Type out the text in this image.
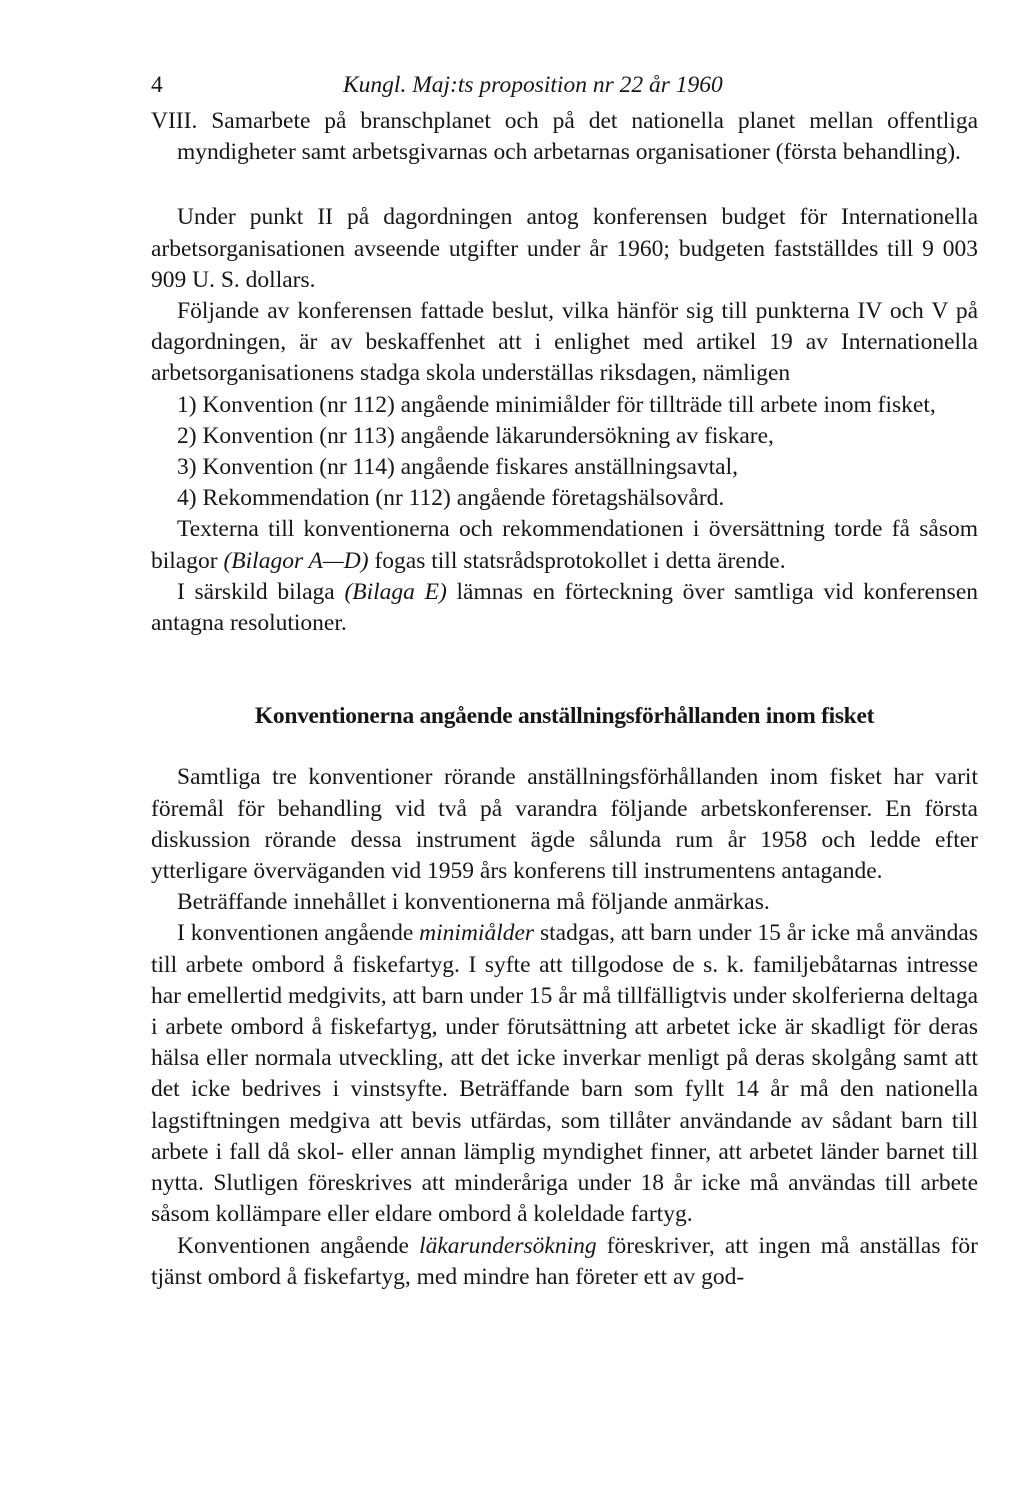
4	Kungl. Maj:ts proposition nr 22 år 1960
VIII. Samarbete på branschplanet och på det nationella planet mellan offentliga myndigheter samt arbetsgivarnas och arbetarnas organisationer (första behandling).

Under punkt II på dagordningen antog konferensen budget för Internationella arbetsorganisationen avseende utgifter under år 1960; budgeten fastställdes till 9 003 909 U. S. dollars.

Följande av konferensen fattade beslut, vilka hänför sig till punkterna IV och V på dagordningen, är av beskaffenhet att i enlighet med artikel 19 av Internationella arbetsorganisationens stadga skola underställas riksdagen, nämligen

1) Konvention (nr 112) angående minimiålder för tillträde till arbete inom fisket,

2) Konvention (nr 113) angående läkarundersökning av fiskare,

3) Konvention (nr 114) angående fiskares anställningsavtal,

4) Rekommendation (nr 112) angående företagshälsovård.

Texterna till konventionerna och rekommendationen i översättning torde få såsom bilagor (Bilagor A—D) fogas till statsrådsprotokollet i detta ärende.

I särskild bilaga (Bilaga E) lämnas en förteckning över samtliga vid konferensen antagna resolutioner.

Konventionerna angående anställningsförhållanden inom fisket

Samtliga tre konventioner rörande anställningsförhållanden inom fisket har varit föremål för behandling vid två på varandra följande arbetskonferenser. En första diskussion rörande dessa instrument ägde sålunda rum år 1958 och ledde efter ytterligare överväganden vid 1959 års konferens till instrumentens antagande.

Beträffande innehållet i konventionerna må följande anmärkas.

I konventionen angående minimiålder stadgas, att barn under 15 år icke må användas till arbete ombord å fiskefartyg. I syfte att tillgodose de s. k. familjebåtarnas intresse har emellertid medgivits, att barn under 15 år må tillfälligtvis under skolferierna deltaga i arbete ombord å fiskefartyg, under förutsättning att arbetet icke är skadligt för deras hälsa eller normala utveckling, att det icke inverkar menligt på deras skolgång samt att det icke bedrives i vinstsyfte. Beträffande barn som fyllt 14 år må den nationella lagstiftningen medgiva att bevis utfärdas, som tillåter användande av sådant barn till arbete i fall då skol- eller annan lämplig myndighet finner, att arbetet länder barnet till nytta. Slutligen föreskrives att minderåriga under 18 år icke må användas till arbete såsom kollämpare eller eldare ombord å koleldade fartyg.

Konventionen angående läkarundersökning föreskriver, att ingen må anställas för tjänst ombord å fiskefartyg, med mindre han företer ett av god-
